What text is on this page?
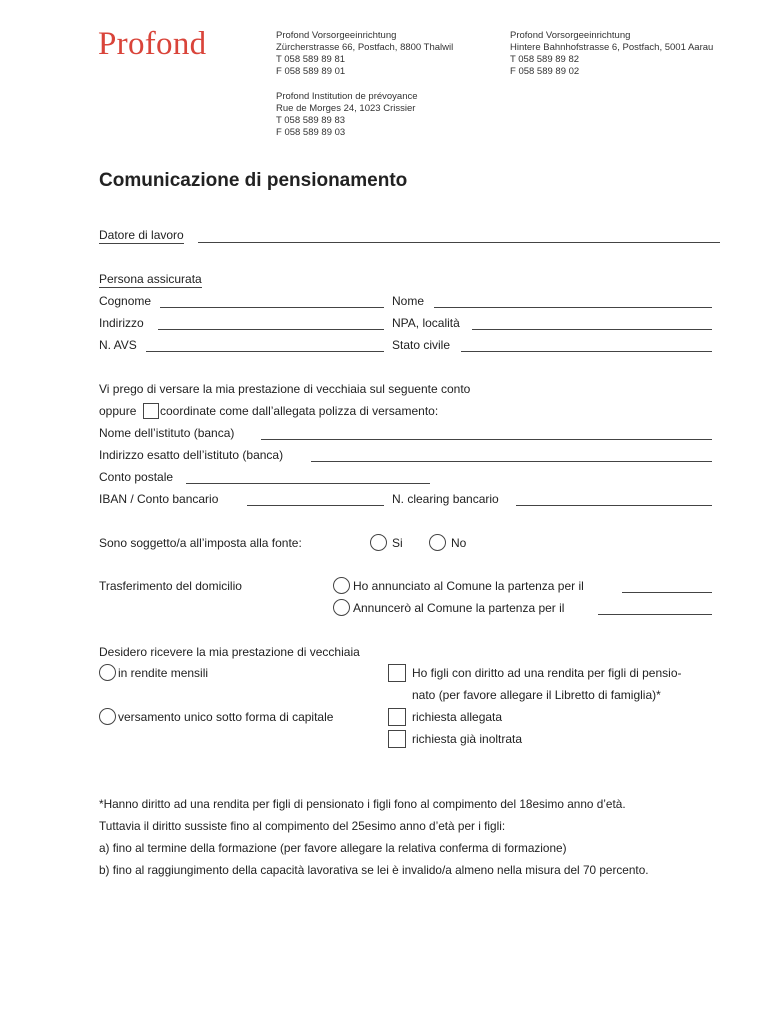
Profond	Profond Vorsorgeeinrichtung
Zürcherstrasse 66, Postfach, 8800 Thalwil
T 058 589 89 81
F 058 589 89 01
Profond Vorsorgeeinrichtung
Hintere Bahnhofstrasse 6, Postfach, 5001 Aarau
T 058 589 89 82
F 058 589 89 02
Profond Institution de prévoyance
Rue de Morges 24, 1023 Crissier
T 058 589 89 83
F 058 589 89 03
Comunicazione di pensionamento
Datore di lavoro
Persona assicurata
Cognome	Nome
Indirizzo	NPA, località
N. AVS	Stato civile
Vi prego di versare la mia prestazione di vecchiaia sul seguente conto
oppure coordinate come dall’allegata polizza di versamento:
Nome dell’istituto (banca)
Indirizzo esatto dell’istituto (banca)
Conto postale
IBAN / Conto bancario	N. clearing bancario
Sono soggetto/a all’imposta alla fonte:	Si	No
Trasferimento del domicilio	Ho annunciato al Comune la partenza per il
Annuncerò al Comune la partenza per il
Desidero ricevere la mia prestazione di vecchiaia
in rendite mensili
versamento unico sotto forma di capitale
Ho figli con diritto ad una rendita per figli di pensio-
nato (per favore allegare il Libretto di famiglia)*
richiesta allegata
richiesta già inoltrata
*Hanno diritto ad una rendita per figli di pensionato i figli fono al compimento del 18esimo anno d’età.
Tuttavia il diritto sussiste fino al compimento del 25esimo anno d’età per i figli:
a) fino al termine della formazione (per favore allegare la relativa conferma di formazione)
b) fino al raggiungimento della capacità lavorativa se lei è invalido/a almeno nella misura del 70 percento.
